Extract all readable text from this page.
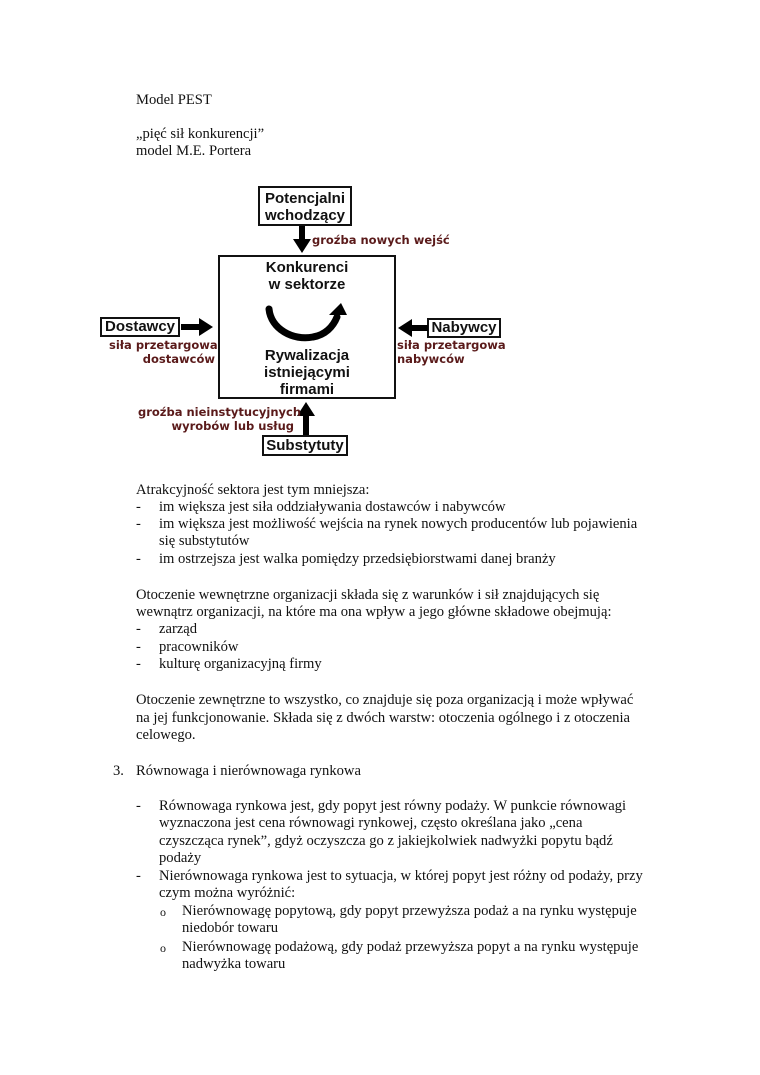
Model PEST
„pięć sił konkurencji”
model M.E. Portera
Potencjalni
wchodzący
groźba nowych wejść
Konkurenci
w sektorze
Rywalizacja
istniejącymi
firmami
Dostawcy
siła przetargowa
dostawców
Nabywcy
siła przetargowa
nabywców
groźba nieinstytucyjnych
wyrobów lub usług
Substytuty
Atrakcyjność sektora jest tym mniejsza:
- im większa jest siła oddziaływania dostawców i nabywców
- im większa jest możliwość wejścia na rynek nowych producentów lub pojawienia
się substytutów
- im ostrzejsza jest walka pomiędzy przedsiębiorstwami danej branży
Otoczenie wewnętrzne organizacji składa się z warunków i sił znajdujących się
wewnątrz organizacji, na które ma ona wpływ a jego główne składowe obejmują:
- zarząd
- pracowników
- kulturę organizacyjną firmy
Otoczenie zewnętrzne to wszystko, co znajduje się poza organizacją i może wpływać
na jej funkcjonowanie. Składa się z dwóch warstw: otoczenia ogólnego i z otoczenia
celowego.
3. Równowaga i nierównowaga rynkowa
- Równowaga rynkowa jest, gdy popyt jest równy podaży. W punkcie równowagi
wyznaczona jest cena równowagi rynkowej, często określana jako „cena
czyszcząca rynek”, gdyż oczyszcza go z jakiejkolwiek nadwyżki popytu bądź
podaży
- Nierównowaga rynkowa jest to sytuacja, w której popyt jest różny od podaży, przy
czym można wyróżnić:
o Nierównowagę popytową, gdy popyt przewyższa podaż a na rynku występuje
niedobór towaru
o Nierównowagę podażową, gdy podaż przewyższa popyt a na rynku występuje
nadwyżka towaru
